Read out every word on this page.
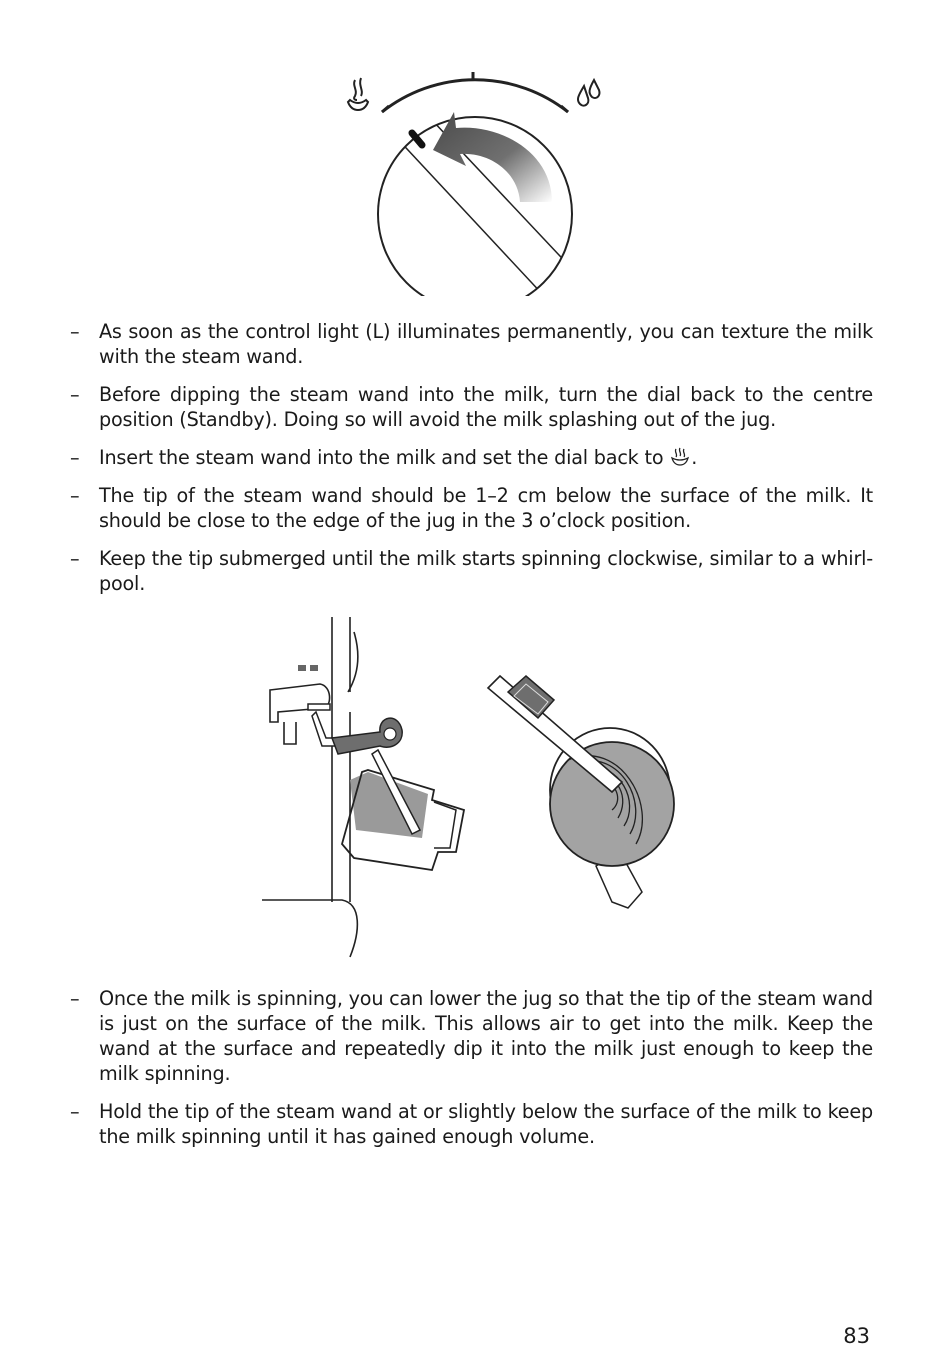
– As soon as the control light (L) illuminates permanently, you can texture the milk with the steam wand.
– Before dipping the steam wand into the milk, turn the dial back to the centre position (Standby). Doing so will avoid the milk splashing out of the jug.
– Insert the steam wand into the milk and set the dial back to .
– The tip of the steam wand should be 1–2 cm below the surface of the milk. It should be close to the edge of the jug in the 3 o’clock position.
– Keep the tip submerged until the milk starts spinning clockwise, similar to a whirl-pool.
– Once the milk is spinning, you can lower the jug so that the tip of the steam wand is just on the surface of the milk. This allows air to get into the milk. Keep the wand at the surface and repeatedly dip it into the milk just enough to keep the milk spinning.
– Hold the tip of the steam wand at or slightly below the surface of the milk to keep the milk spinning until it has gained enough volume.
83
